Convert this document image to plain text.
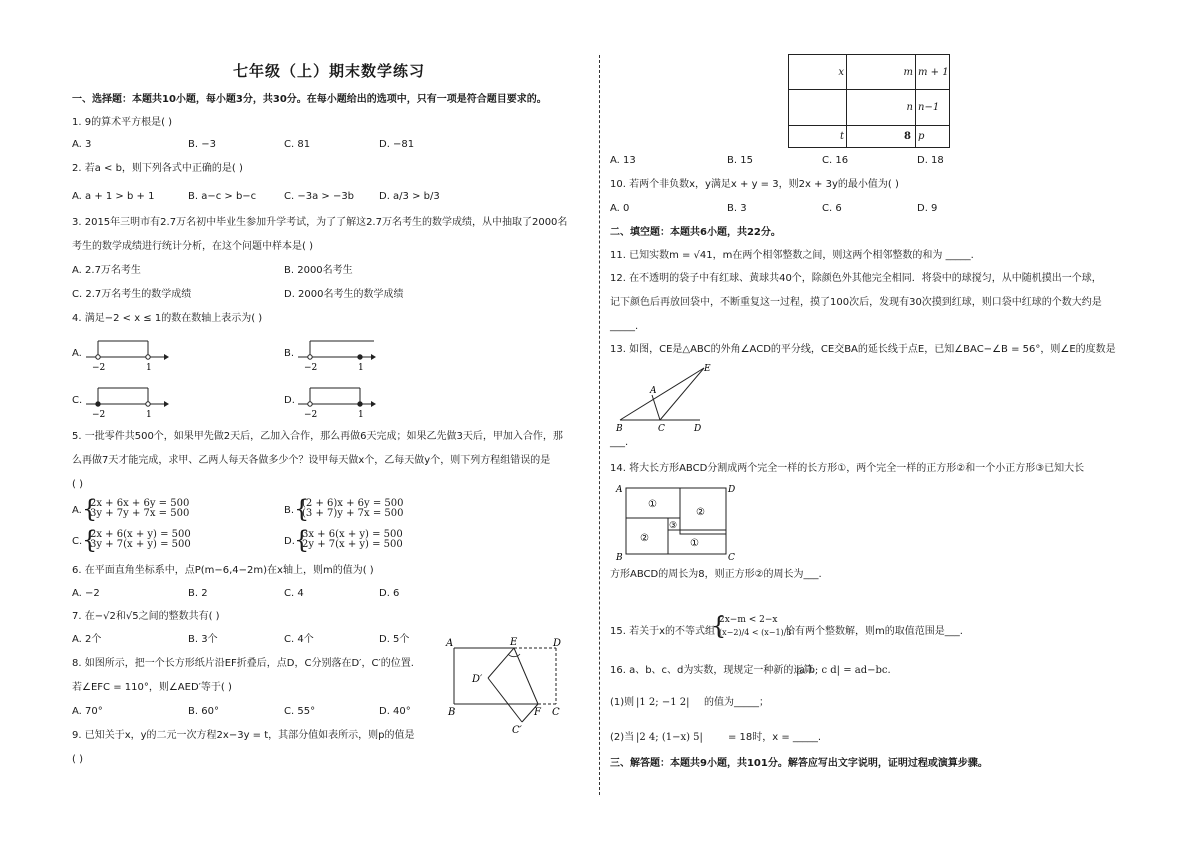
七年级（上）期末数学练习
一、选择题：本题共10小题，每小题3分，共30分。在每小题给出的选项中，只有一项是符合题目要求的。
1. 9的算术平方根是( )
A. 3	B. −3	C. 81	D. −81
2. 若a < b，则下列各式中正确的是( )
A. a + 1 > b + 1	B. a−c > b−c	C. −3a > −3b D. a/3 > b/3
3. 2015年三明市有2.7万名初中毕业生参加升学考试，为了了解这2.7万名考生的数学成绩，从中抽取了2000名
考生的数学成绩进行统计分析，在这个问题中样本是( )
A. 2.7万名考生	B. 2000名考生
C. 2.7万名考生的数学成绩	D. 2000名考生的数学成绩
4. 满足−2 < x ≤ 1的数在数轴上表示为( )
A.
−2	1
B.
−2	1
C.
−2	1
D.
−2	1
5. 一批零件共500个，如果甲先做2天后，乙加入合作，那么再做6天完成；如果乙先做3天后，甲加入合作，那
么再做7天才能完成，求甲、乙两人每天各做多少个？设甲每天做x个，乙每天做y个，则下列方程组错误的是
( )
A. {
2x + 6x + 6y = 500
3y + 7y + 7x = 500	B. {
(2 + 6)x + 6y = 500
(3 + 7)y + 7x = 500
C. {
2x + 6(x + y) = 500
3y + 7(x + y) = 500	D. {
3x + 6(x + y) = 500
2y + 7(x + y) = 500
6. 在平面直角坐标系中，点P(m−6,4−2m)在x轴上，则m的值为( )
A. −2	B. 2	C. 4	D. 6
7. 在−√2和√5之间的整数共有( )
A. 2个	B. 3个	C. 4个	D. 5个
8. 如图所示，把一个长方形纸片沿EF折叠后，点D，C分别落在D′，C′的位置.
若∠EFC = 110°，则∠AED′等于( )
A. 70°	B. 60°	C. 55°	D. 40°
A	E	D
D′
B	F C
C′
9. 已知关于x，y的二元一次方程2x−3y = t，其部分值如表所示，则p的值是
( )
x	m	m + 1
	n	n−1
t	8	p
A. 13	B. 15	C. 16	D. 18
10. 若两个非负数x，y满足x + y = 3，则2x + 3y的最小值为( )
A. 0	B. 3	C. 6	D. 9
二、填空题：本题共6小题，共22分。
11. 已知实数m = √41，m在两个相邻整数之间，则这两个相邻整数的和为 _____.
12. 在不透明的袋子中有红球、黄球共40个，除颜色外其他完全相同．将袋中的球搅匀，从中随机摸出一个球，
记下颜色后再放回袋中，不断重复这一过程，摸了100次后，发现有30次摸到红球，则口袋中红球的个数大约是
_____.
13. 如图，CE是△ABC的外角∠ACD的平分线，CE交BA的延长线于点E，已知∠BAC−∠B = 56°，则∠E的度数是
B
A
C	D
E
___.
14. 将大长方形ABCD分割成两个完全一样的长方形①，两个完全一样的正方形②和一个小正方形③已知大长
A	D
B	C
①
②
③
②	①
方形ABCD的周长为8，则正方形②的周长为___.
15. 若关于x的不等式组
{
2x−m < 2−x
(x−2)/4 < (x−1)/3
恰有两个整数解，则m的取值范围是___.
16. a、b、c、d为实数，现规定一种新的运算
|a b; c d| = ad−bc.
(1)则 |1 2; −1 2| 的值为_____；
(2)当 |2 4; (1−x) 5|	= 18时，x = _____.
三、解答题：本题共9小题，共101分。解答应写出文字说明，证明过程或演算步骤。
